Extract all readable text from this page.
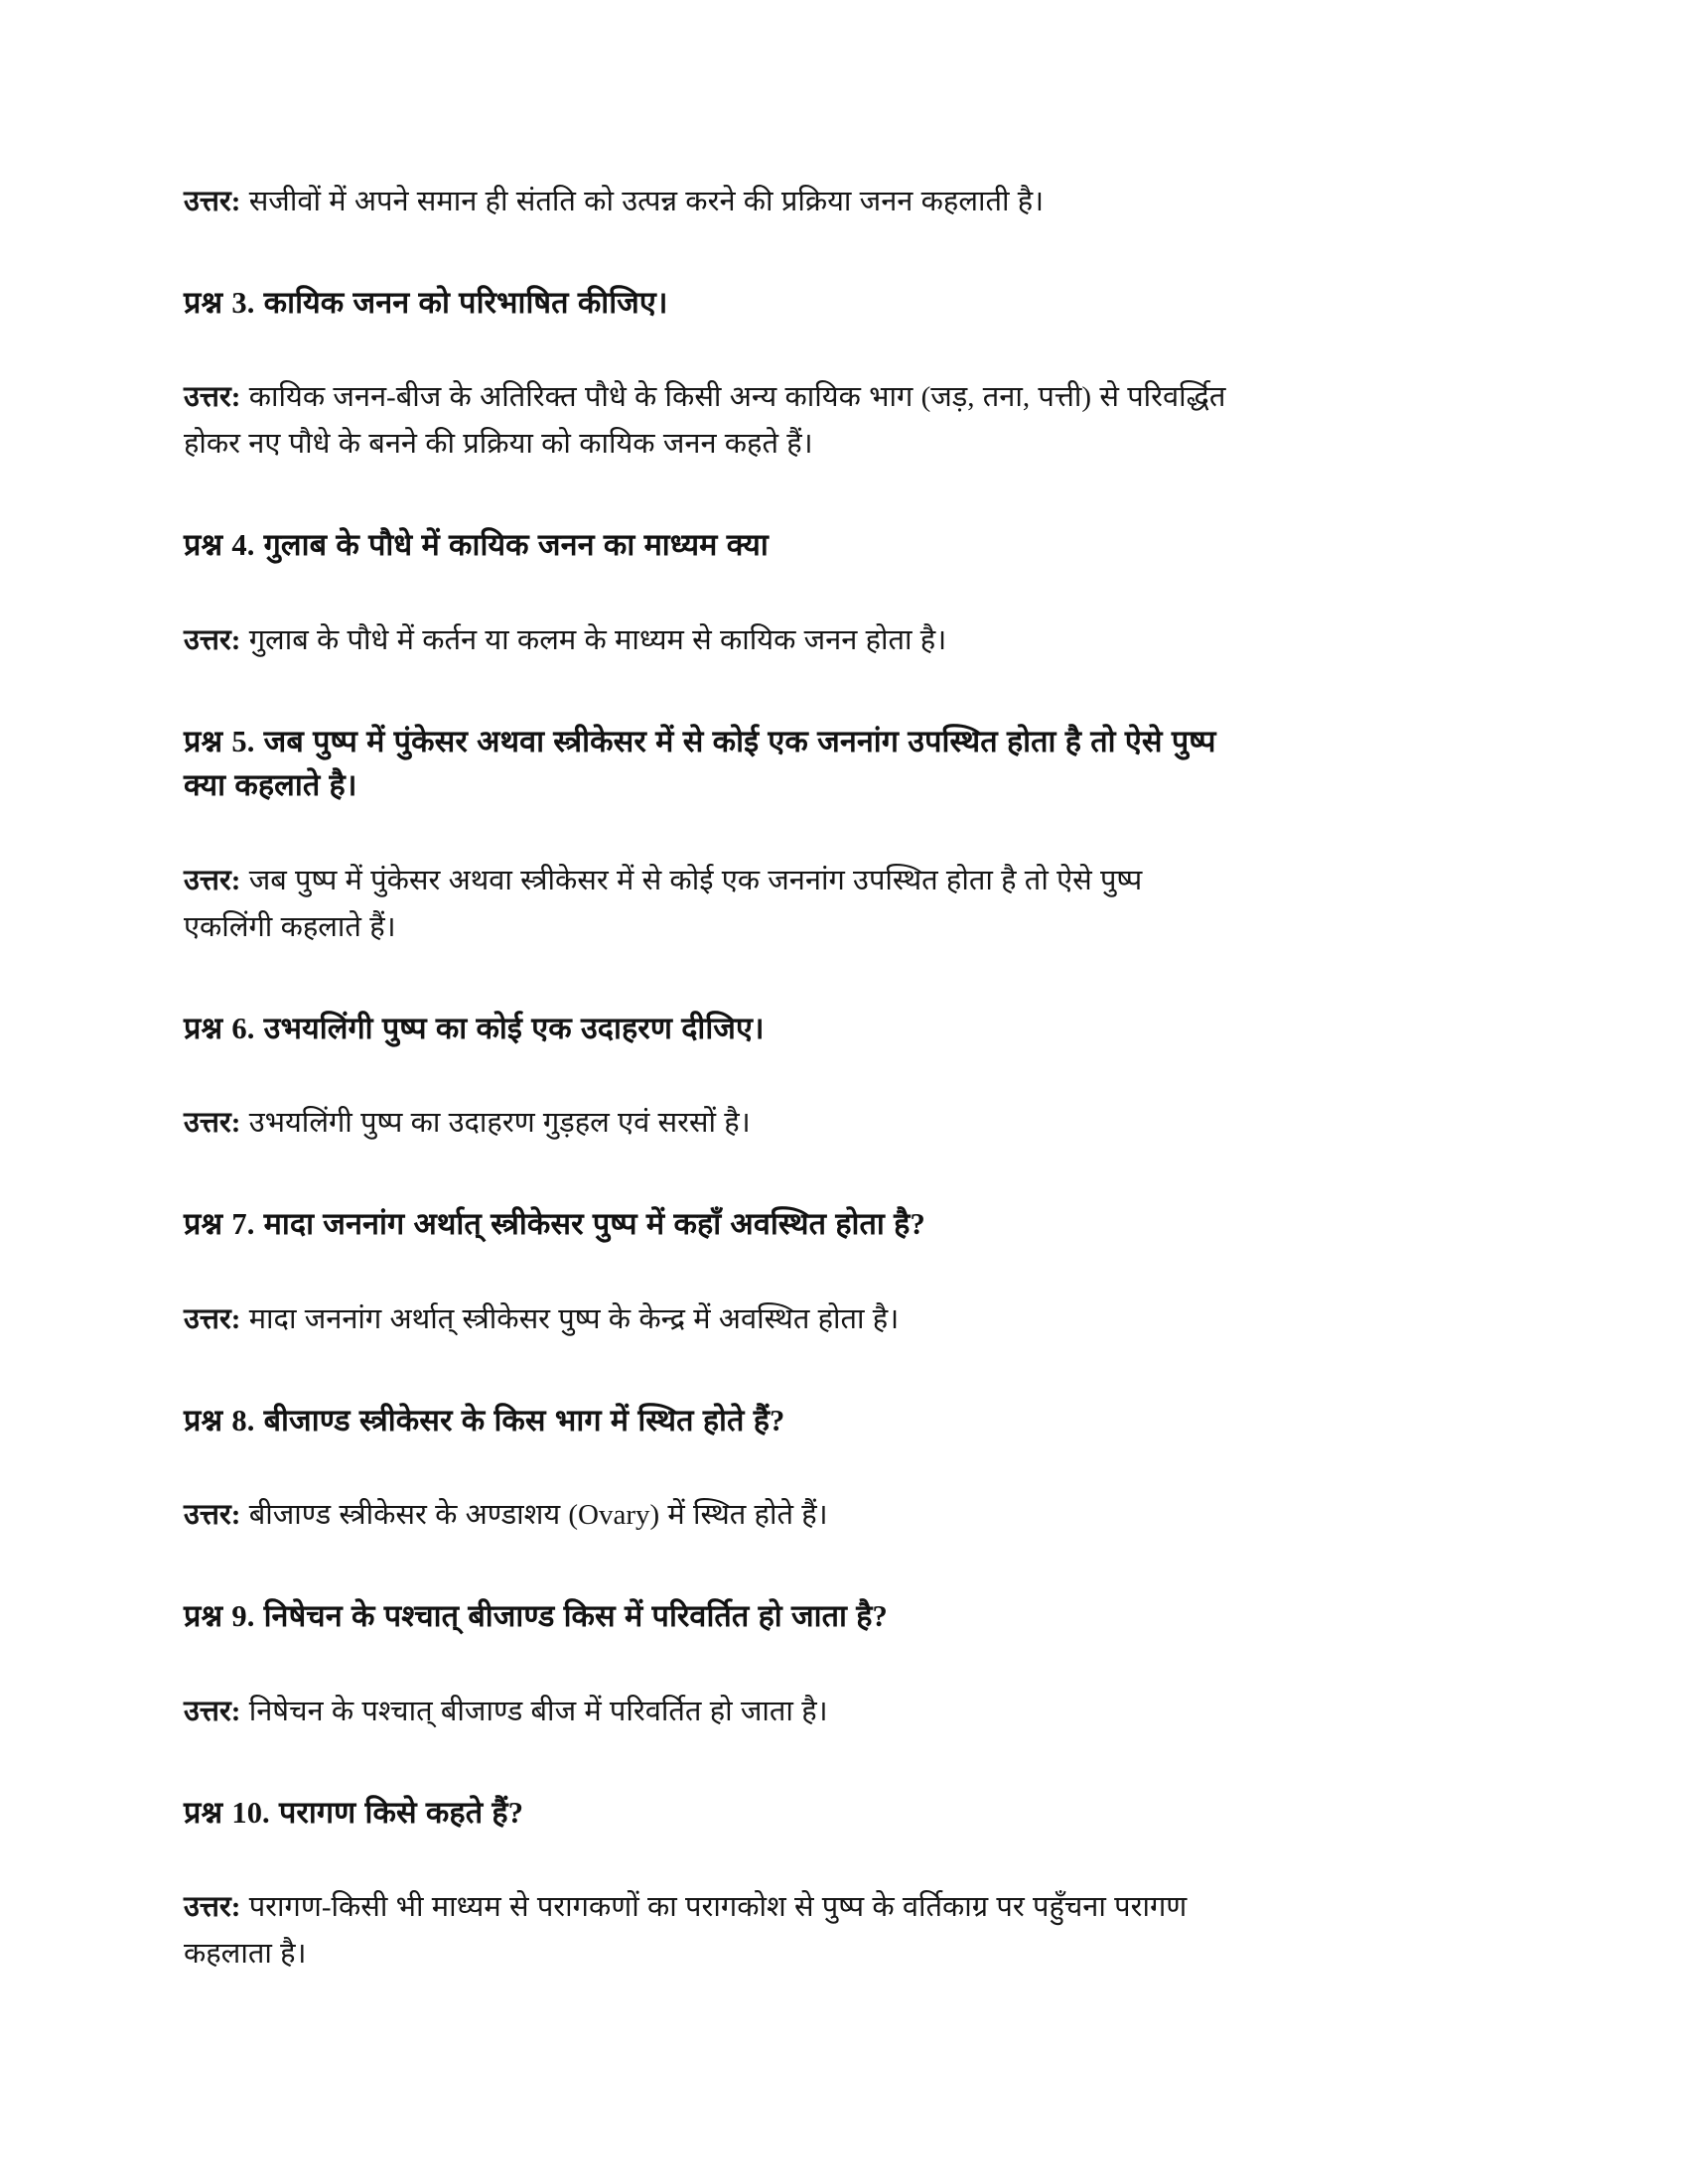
उत्तर: सजीवों में अपने समान ही संतति को उत्पन्न करने की प्रक्रिया जनन कहलाती है।

प्रश्न 3. कायिक जनन को परिभाषित कीजिए।

उत्तर: कायिक जनन-बीज के अतिरिक्त पौधे के किसी अन्य कायिक भाग (जड़, तना, पत्ती) से परिवर्द्धित

होकर नए पौधे के बनने की प्रक्रिया को कायिक जनन कहते हैं।

प्रश्न 4. गुलाब के पौधे में कायिक जनन का माध्यम क्या

उत्तर: गुलाब के पौधे में कर्तन या कलम के माध्यम से कायिक जनन होता है।

प्रश्न 5. जब पुष्प में पुंकेसर अथवा स्त्रीकेसर में से कोई एक जननांग उपस्थित होता है तो ऐसे पुष्प

क्या कहलाते है।

उत्तर: जब पुष्प में पुंकेसर अथवा स्त्रीकेसर में से कोई एक जननांग उपस्थित होता है तो ऐसे पुष्प

एकलिंगी कहलाते हैं।

प्रश्न 6. उभयलिंगी पुष्प का कोई एक उदाहरण दीजिए।

उत्तर: उभयलिंगी पुष्प का उदाहरण गुड़हल एवं सरसों है।

प्रश्न 7. मादा जननांग अर्थात् स्त्रीकेसर पुष्प में कहाँ अवस्थित होता है?

उत्तर: मादा जननांग अर्थात् स्त्रीकेसर पुष्प के केन्द्र में अवस्थित होता है।

प्रश्न 8. बीजाण्ड स्त्रीकेसर के किस भाग में स्थित होते हैं?

उत्तर: बीजाण्ड स्त्रीकेसर के अण्डाशय (Ovary) में स्थित होते हैं।

प्रश्न 9. निषेचन के पश्चात् बीजाण्ड किस में परिवर्तित हो जाता है?

उत्तर: निषेचन के पश्चात् बीजाण्ड बीज में परिवर्तित हो जाता है।

प्रश्न 10. परागण किसे कहते हैं?

उत्तर: परागण-किसी भी माध्यम से परागकणों का परागकोश से पुष्प के वर्तिकाग्र पर पहुँचना परागण

कहलाता है।
